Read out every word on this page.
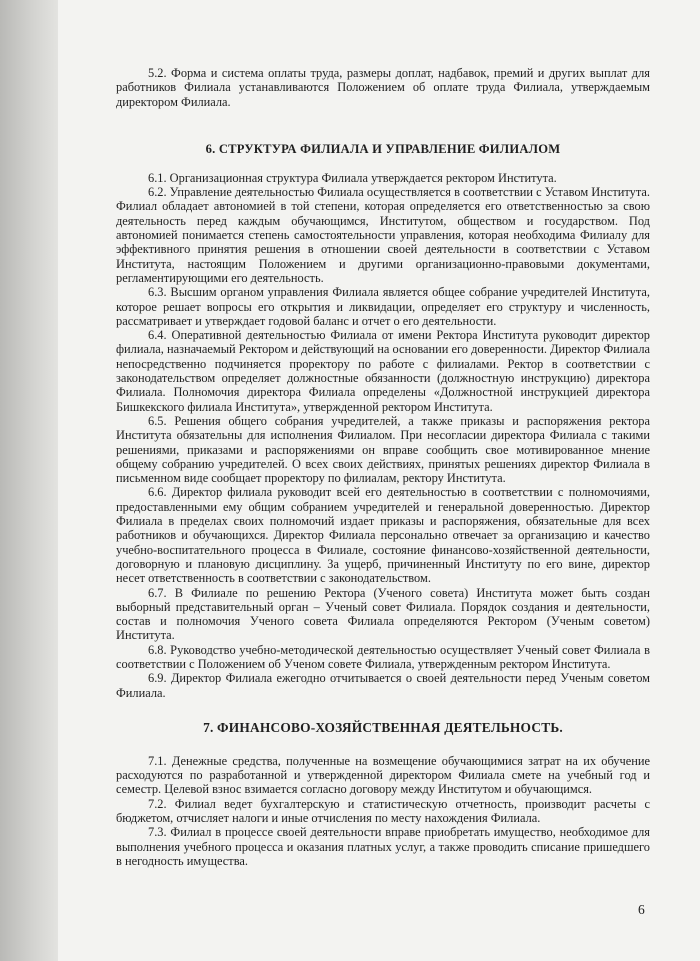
5.2. Форма и система оплаты труда, размеры доплат, надбавок, премий и других выплат для работников Филиала устанавливаются Положением об оплате труда Филиала, утверждаемым директором Филиала.

6. СТРУКТУРА ФИЛИАЛА И УПРАВЛЕНИЕ ФИЛИАЛОМ

6.1. Организационная структура Филиала утверждается ректором Института.

6.2. Управление деятельностью Филиала осуществляется в соответствии с Уставом Института. Филиал обладает автономией в той степени, которая определяется его ответственностью за свою деятельность перед каждым обучающимся, Институтом, обществом и государством. Под автономией понимается степень самостоятельности управления, которая необходима Филиалу для эффективного принятия решения в отношении своей деятельности в соответствии с Уставом Института, настоящим Положением и другими организационно-правовыми документами, регламентирующими его деятельность.

6.3. Высшим органом управления Филиала является общее собрание учредителей Института, которое решает вопросы его открытия и ликвидации, определяет его структуру и численность, рассматривает и утверждает годовой баланс и отчет о его деятельности.

6.4. Оперативной деятельностью Филиала от имени Ректора Института руководит директор филиала, назначаемый Ректором и действующий на основании его доверенности. Директор Филиала непосредственно подчиняется проректору по работе с филиалами. Ректор в соответствии с законодательством определяет должностные обязанности (должностную инструкцию) директора Филиала. Полномочия директора Филиала определены «Должностной инструкцией директора Бишкекского филиала Института», утвержденной ректором Института.

6.5. Решения общего собрания учредителей, а также приказы и распоряжения ректора Института обязательны для исполнения Филиалом. При несогласии директора Филиала с такими решениями, приказами и распоряжениями он вправе сообщить свое мотивированное мнение общему собранию учредителей. О всех своих действиях, принятых решениях директор Филиала в письменном виде сообщает проректору по филиалам, ректору Института.

6.6. Директор филиала руководит всей его деятельностью в соответствии с полномочиями, предоставленными ему общим собранием учредителей и генеральной доверенностью. Директор Филиала в пределах своих полномочий издает приказы и распоряжения, обязательные для всех работников и обучающихся. Директор Филиала персонально отвечает за организацию и качество учебно-воспитательного процесса в Филиале, состояние финансово-хозяйственной деятельности, договорную и плановую дисциплину. За ущерб, причиненный Институту по его вине, директор несет ответственность в соответствии с законодательством.

6.7. В Филиале по решению Ректора (Ученого совета) Института может быть создан выборный представительный орган – Ученый совет Филиала. Порядок создания и деятельности, состав и полномочия Ученого совета Филиала определяются Ректором (Ученым советом) Института.

6.8. Руководство учебно-методической деятельностью осуществляет Ученый совет Филиала в соответствии с Положением об Ученом совете Филиала, утвержденным ректором Института.

6.9. Директор Филиала ежегодно отчитывается о своей деятельности перед Ученым советом Филиала.

7. ФИНАНСОВО-ХОЗЯЙСТВЕННАЯ ДЕЯТЕЛЬНОСТЬ.

7.1. Денежные средства, полученные на возмещение обучающимися затрат на их обучение расходуются по разработанной и утвержденной директором Филиала смете на учебный год и семестр. Целевой взнос взимается согласно договору между Институтом и обучающимся.

7.2. Филиал ведет бухгалтерскую и статистическую отчетность, производит расчеты с бюджетом, отчисляет налоги и иные отчисления по месту нахождения Филиала.

7.3. Филиал в процессе своей деятельности вправе приобретать имущество, необходимое для выполнения учебного процесса и оказания платных услуг, а также проводить списание пришедшего в негодность имущества.

6
